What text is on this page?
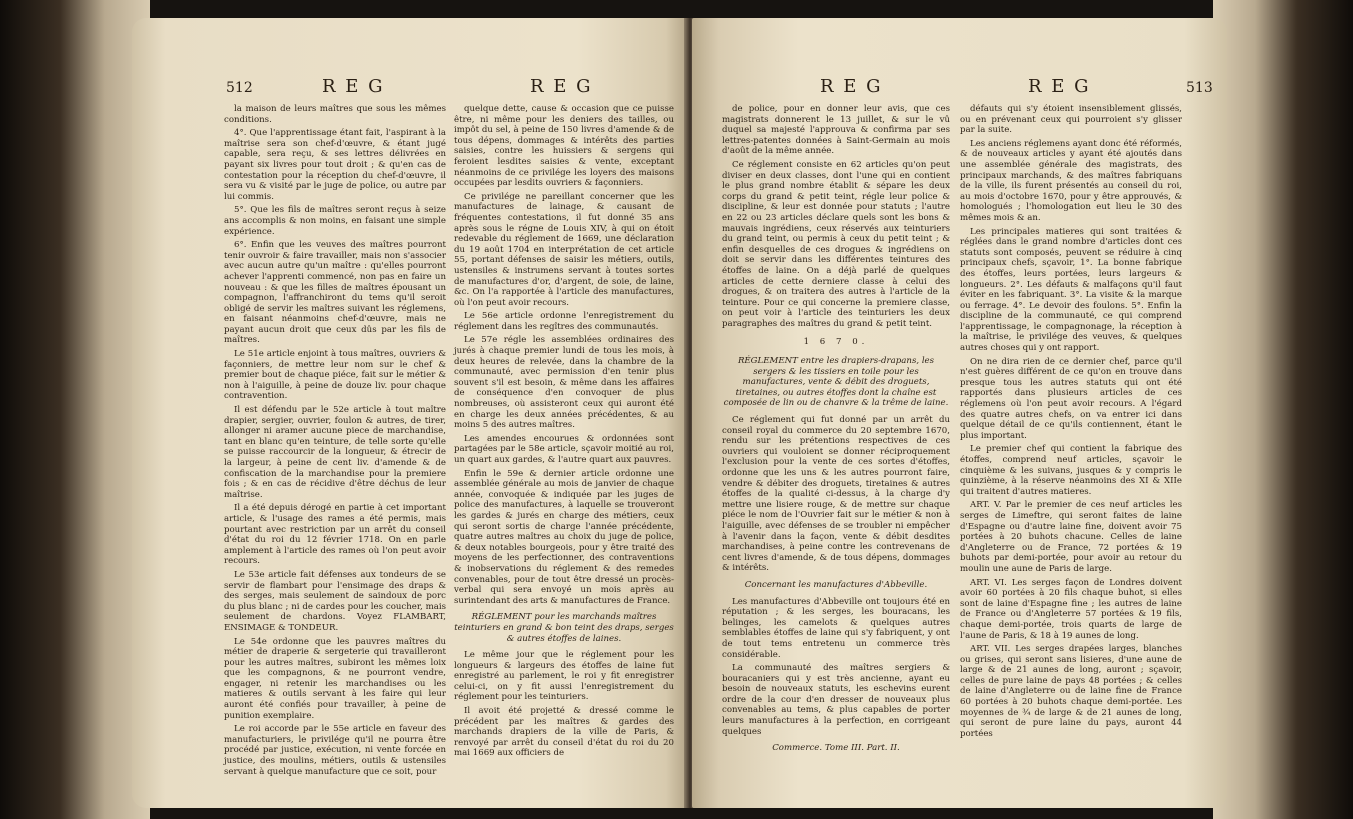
512	R E G	R E G

la maison de leurs maîtres que sous les mêmes conditions.

4°. Que l'apprentissage étant fait, l'aspirant à la maîtrise sera son chef-d'œuvre, & étant jugé capable, sera reçu, & ses lettres délivrées en payant six livres pour tout droit ; & qu'en cas de contestation pour la réception du chef-d'œuvre, il sera vu & visité par le juge de police, ou autre par lui commis.

5°. Que les fils de maîtres seront reçus à seize ans accomplis & non moins, en faisant une simple expérience.

6°. Enfin que les veuves des maîtres pourront tenir ouvroir & faire travailler, mais non s'associer avec aucun autre qu'un maître : qu'elles pourront achever l'apprenti commencé, non pas en faire un nouveau : & que les filles de maîtres épousant un compagnon, l'affranchiront du tems qu'il seroit obligé de servir les maîtres suivant les réglemens, en faisant néanmoins chef-d'œuvre, mais ne payant aucun droit que ceux dûs par les fils de maîtres.

Le 51e article enjoint à tous maîtres, ouvriers & façonniers, de mettre leur nom sur le chef & premier bout de chaque piéce, fait sur le métier & non à l'aiguille, à peine de douze liv. pour chaque contravention.

Il est défendu par le 52e article à tout maître drapier, sergier, ouvrier, foulon & autres, de tirer, allonger ni aramer aucune piece de marchandise, tant en blanc qu'en teinture, de telle sorte qu'elle se puisse raccourcir de la longueur, & étrecir de la largeur, à peine de cent liv. d'amende & de confiscation de la marchandise pour la premiere fois ; & en cas de récidive d'être déchus de leur maîtrise.

Il a été depuis dérogé en partie à cet important article, & l'usage des rames a été permis, mais pourtant avec restriction par un arrêt du conseil d'état du roi du 12 février 1718. On en parle amplement à l'article des rames où l'on peut avoir recours.

Le 53e article fait défenses aux tondeurs de se servir de flambart pour l'ensimage des draps & des serges, mais seulement de saindoux de porc du plus blanc ; ni de cardes pour les coucher, mais seulement de chardons. Voyez FLAMBART, ENSIMAGE & TONDEUR.

Le 54e ordonne que les pauvres maîtres du métier de draperie & sergeterie qui travailleront pour les autres maîtres, subiront les mêmes loix que les compagnons, & ne pourront vendre, engager, ni retenir les marchandises ou les matieres & outils servant à les faire qui leur auront été confiés pour travailler, à peine de punition exemplaire.

Le roi accorde par le 55e article en faveur des manufacturiers, le privilége qu'il ne pourra être procédé par justice, exécution, ni vente forcée en justice, des moulins, métiers, outils & ustensiles servant à quelque manufacture que ce soit, pour

quelque dette, cause & occasion que ce puisse être, ni même pour les deniers des tailles, ou impôt du sel, à peine de 150 livres d'amende & de tous dépens, dommages & intérêts des parties saisies, contre les huissiers & sergens qui feroient lesdites saisies & vente, exceptant néanmoins de ce privilége les loyers des maisons occupées par lesdits ouvriers & façonniers.

Ce privilége ne pareillant concerner que les manufactures de lainage, & causant de fréquentes contestations, il fut donné 35 ans après sous le régne de Louis XIV, à qui on étoit redevable du réglement de 1669, une déclaration du 19 août 1704 en interprétation de cet article 55, portant défenses de saisir les métiers, outils, ustensiles & instrumens servant à toutes sortes de manufactures d'or, d'argent, de soie, de laine, &c. On l'a rapportée à l'article des manufactures, où l'on peut avoir recours.

Le 56e article ordonne l'enregistrement du réglement dans les regîtres des communautés.

Le 57e régle les assemblées ordinaires des jurés à chaque premier lundi de tous les mois, à deux heures de relevée, dans la chambre de la communauté, avec permission d'en tenir plus souvent s'il est besoin, & même dans les affaires de conséquence d'en convoquer de plus nombreuses, où assisteront ceux qui auront été en charge les deux années précédentes, & au moins 5 des autres maîtres.

Les amendes encourues & ordonnées sont partagées par le 58e article, sçavoir moitié au roi, un quart aux gardes, & l'autre quart aux pauvres.

Enfin le 59e & dernier article ordonne une assemblée générale au mois de janvier de chaque année, convoquée & indiquée par les juges de police des manufactures, à laquelle se trouveront les gardes & jurés en charge des métiers, ceux qui seront sortis de charge l'année précédente, quatre autres maîtres au choix du juge de police, & deux notables bourgeois, pour y être traité des moyens de les perfectionner, des contraventions & inobservations du réglement & des remedes convenables, pour de tout être dressé un procès-verbal qui sera envoyé un mois après au surintendant des arts & manufactures de France.

RÉGLEMENT pour les marchands maîtres teinturiers en grand & bon teint des draps, serges & autres étoffes de laines.

Le même jour que le réglement pour les longueurs & largeurs des étoffes de laine fut enregistré au parlement, le roi y fit enregistrer celui-ci, on y fit aussi l'enregistrement du réglement pour les teinturiers.

Il avoit été projetté & dressé comme le précédent par les maîtres & gardes des marchands drapiers de la ville de Paris, & renvoyé par arrêt du conseil d'état du roi du 20 mai 1669 aux officiers de

R E G	R E G	513

de police, pour en donner leur avis, que ces magistrats donnerent le 13 juillet, & sur le vû duquel sa majesté l'approuva & confirma par ses lettres-patentes données à Saint-Germain au mois d'août de la même année.

Ce réglement consiste en 62 articles qu'on peut diviser en deux classes, dont l'une qui en contient le plus grand nombre établit & sépare les deux corps du grand & petit teint, régle leur police & discipline, & leur est donnée pour statuts ; l'autre en 22 ou 23 articles déclare quels sont les bons & mauvais ingrédiens, ceux réservés aux teinturiers du grand teint, ou permis à ceux du petit teint ; & enfin desquelles de ces drogues & ingrédiens on doit se servir dans les différentes teintures des étoffes de laine. On a déjà parlé de quelques articles de cette derniere classe à celui des drogues, & on traitera des autres à l'article de la teinture. Pour ce qui concerne la premiere classe, on peut voir à l'article des teinturiers les deux paragraphes des maîtres du grand & petit teint.

1 6 7 0.

RÉGLEMENT entre les drapiers-drapans, les sergers & les tissiers en toile pour les manufactures, vente & débit des droguets, tiretaines, ou autres étoffes dont la chaîne est composée de lin ou de chanvre & la trême de laine.

Ce réglement qui fut donné par un arrêt du conseil royal du commerce du 20 septembre 1670, rendu sur les prétentions respectives de ces ouvriers qui vouloient se donner réciproquement l'exclusion pour la vente de ces sortes d'étoffes, ordonne que les uns & les autres pourront faire, vendre & débiter des droguets, tiretaines & autres étoffes de la qualité ci-dessus, à la charge d'y mettre une lisiere rouge, & de mettre sur chaque piéce le nom de l'Ouvrier fait sur le métier & non à l'aiguille, avec défenses de se troubler ni empêcher à l'avenir dans la façon, vente & débit desdites marchandises, à peine contre les contrevenans de cent livres d'amende, & de tous dépens, dommages & intérêts.

Concernant les manufactures d'Abbeville.

Les manufactures d'Abbeville ont toujours été en réputation ; & les serges, les bouracans, les belinges, les camelots & quelques autres semblables étoffes de laine qui s'y fabriquent, y ont de tout tems entretenu un commerce très considérable.

La communauté des maîtres sergiers & bouracaniers qui y est très ancienne, ayant eu besoin de nouveaux statuts, les eschevins eurent ordre de la cour d'en dresser de nouveaux plus convenables au tems, & plus capables de porter leurs manufactures à la perfection, en corrigeant quelques

Commerce. Tome III. Part. II.

défauts qui s'y étoient insensiblement glissés, ou en prévenant ceux qui pourroient s'y glisser par la suite.

Les anciens réglemens ayant donc été réformés, & de nouveaux articles y ayant été ajoutés dans une assemblée générale des magistrats, des principaux marchands, & des maîtres fabriquans de la ville, ils furent présentés au conseil du roi, au mois d'octobre 1670, pour y être approuvés, & homologués ; l'homologation eut lieu le 30 des mêmes mois & an.

Les principales matieres qui sont traitées & réglées dans le grand nombre d'articles dont ces statuts sont composés, peuvent se réduire à cinq principaux chefs, sçavoir, 1°. La bonne fabrique des étoffes, leurs portées, leurs largeurs & longueurs. 2°. Les défauts & malfaçons qu'il faut éviter en les fabriquant. 3°. La visite & la marque ou ferrage. 4°. Le devoir des foulons. 5°. Enfin la discipline de la communauté, ce qui comprend l'apprentissage, le compagnonage, la réception à la maîtrise, le privilége des veuves, & quelques autres choses qui y ont rapport.

On ne dira rien de ce dernier chef, parce qu'il n'est guères différent de ce qu'on en trouve dans presque tous les autres statuts qui ont été rapportés dans plusieurs articles de ces réglemens où l'on peut avoir recours. A l'égard des quatre autres chefs, on va entrer ici dans quelque détail de ce qu'ils contiennent, étant le plus important.

Le premier chef qui contient la fabrique des étoffes, comprend neuf articles, sçavoir le cinquième & les suivans, jusques & y compris le quinzième, à la réserve néanmoins des XI & XIIe qui traitent d'autres matieres.

ART. V. Par le premier de ces neuf articles les serges de Limeftre, qui seront faites de laine d'Espagne ou d'autre laine fine, doivent avoir 75 portées à 20 buhots chacune. Celles de laine d'Angleterre ou de France, 72 portées & 19 buhots par demi-portée, pour avoir au retour du moulin une aune de Paris de large.

ART. VI. Les serges façon de Londres doivent avoir 60 portées à 20 fils chaque buhot, si elles sont de laine d'Espagne fine ; les autres de laine de France ou d'Angleterre 57 portées & 19 fils, chaque demi-portée, trois quarts de large de l'aune de Paris, & 18 à 19 aunes de long.

ART. VII. Les serges drapées larges, blanches ou grises, qui seront sans lisieres, d'une aune de large & de 21 aunes de long, auront ; sçavoir, celles de pure laine de pays 48 portées ; & celles de laine d'Angleterre ou de laine fine de France 60 portées à 20 buhots chaque demi-portée. Les moyennes de ¾ de large & de 21 aunes de long, qui seront de pure laine du pays, auront 44 portées
